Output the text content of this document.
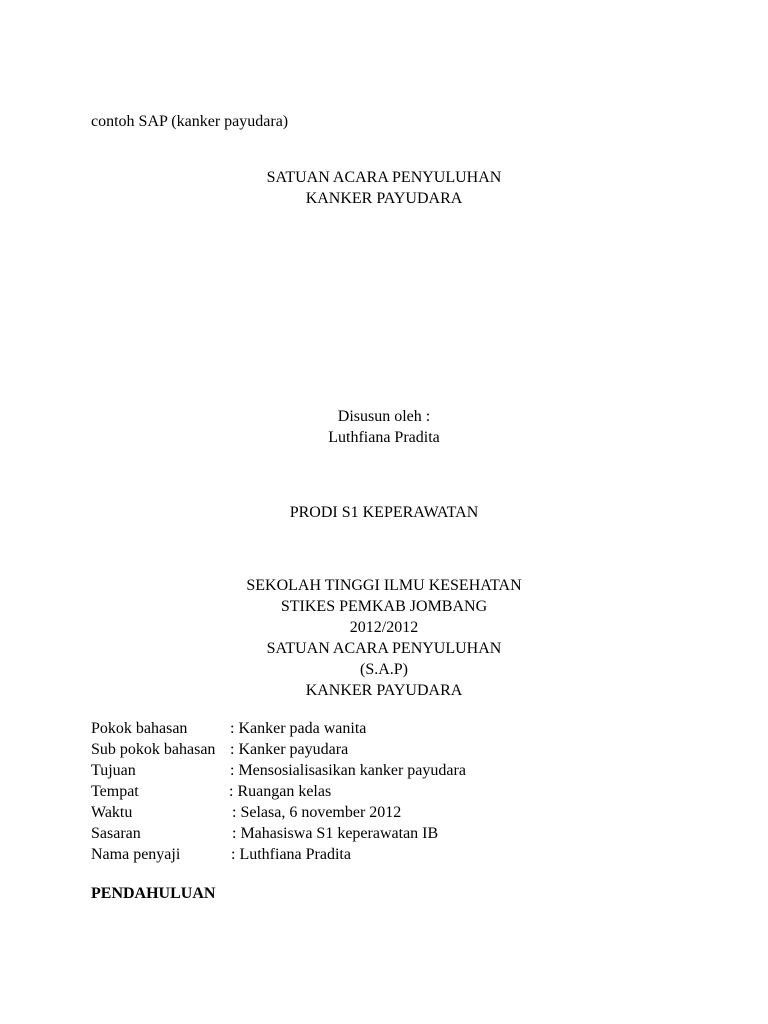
contoh SAP (kanker payudara)
SATUAN ACARA PENYULUHAN
KANKER PAYUDARA
Disusun oleh :
Luthfiana Pradita
PRODI S1 KEPERAWATAN
SEKOLAH TINGGI ILMU KESEHATAN
STIKES PEMKAB JOMBANG
2012/2012
SATUAN ACARA PENYULUHAN
(S.A.P)
KANKER PAYUDARA
Pokok bahasan	: Kanker pada wanita
Sub pokok bahasan : Kanker payudara
Tujuan	: Mensosialisasikan kanker payudara
Tempat	: Ruangan kelas
Waktu	: Selasa, 6 november 2012
Sasaran	: Mahasiswa S1 keperawatan IB
Nama penyaji	: Luthfiana Pradita
PENDAHULUAN
